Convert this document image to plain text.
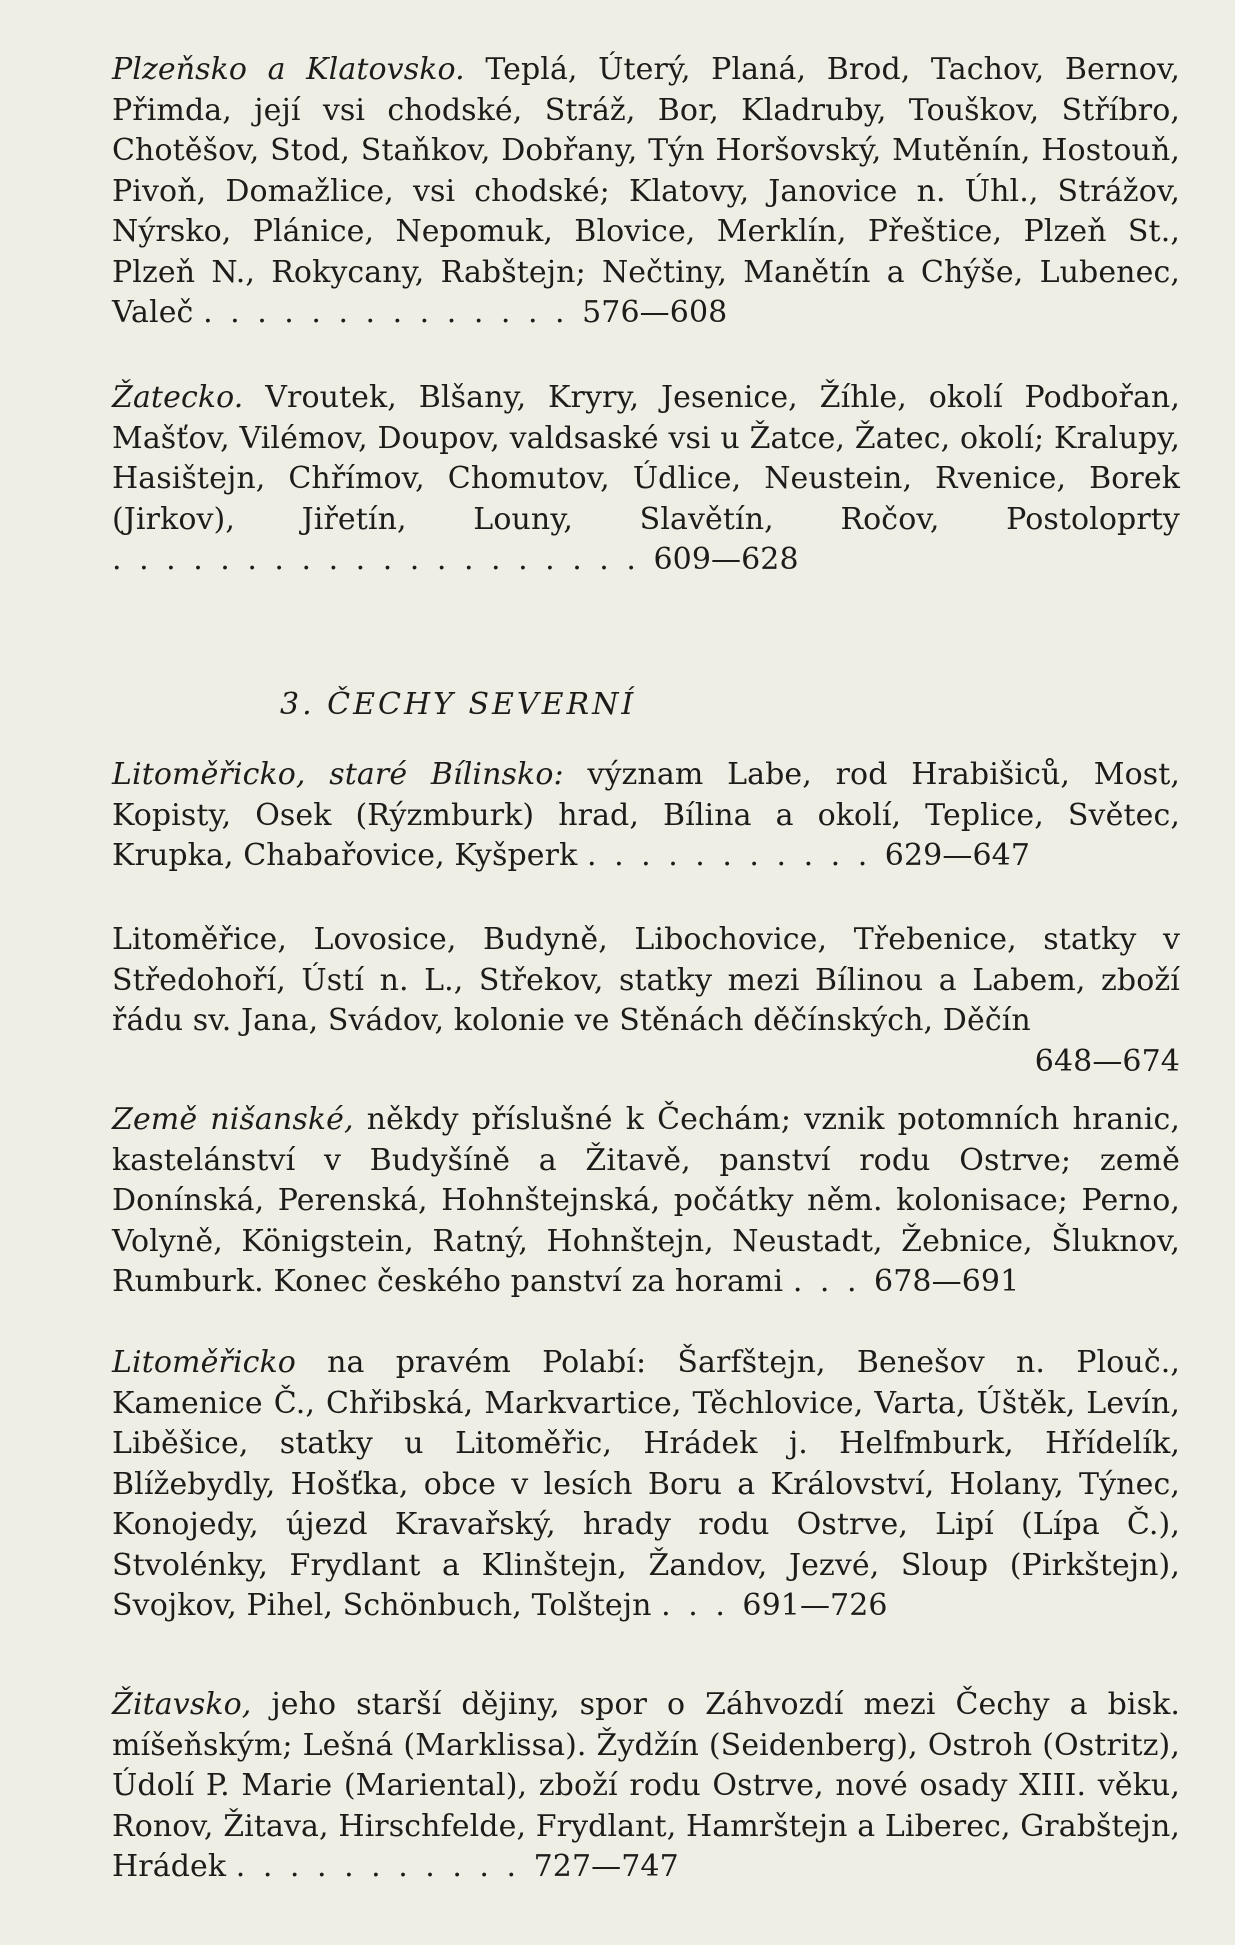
Plzeňsko a Klatovsko. Teplá, Úterý, Planá, Brod, Tachov, Bernov, Přimda, její vsi chodské, Stráž, Bor, Kladruby, Touškov, Stříbro, Chotěšov, Stod, Staňkov, Dobřany, Týn Horšovský, Mutěnín, Hostouň, Pivoň, Domažlice, vsi chodské; Klatovy, Janovice n. Úhl., Strážov, Nýrsko, Plánice, Nepomuk, Blovice, Merklín, Přeštice, Plzeň St., Plzeň N., Rokycany, Rabštejn; Nečtiny, Manětín a Chýše, Lubenec, Valeč . . . . . . . . . . . . . . 576—608
Žatecko. Vroutek, Blšany, Kryry, Jesenice, Žíhle, okolí Podbořan, Mašťov, Vilémov, Doupov, valdsaské vsi u Žatce, Žatec, okolí; Kralupy, Hasištejn, Chřímov, Chomutov, Údlice, Neustein, Rvenice, Borek (Jirkov), Jiřetín, Louny, Slavětín, Ročov, Postoloprty . . . . . . . . . . . . . . . . . . . . 609—628
3. ČECHY SEVERNÍ
Litoměřicko, staré Bílinsko: význam Labe, rod Hrabišiců, Most, Kopisty, Osek (Rýzmburk) hrad, Bílina a okolí, Teplice, Světec, Krupka, Chabařovice, Kyšperk . . . . . . . . . . . 629—647
Litoměřice, Lovosice, Budyně, Libochovice, Třebenice, statky v Středohoří, Ústí n. L., Střekov, statky mezi Bílinou a Labem, zboží řádu sv. Jana, Svádov, kolonie ve Stěnách děčínských, Děčín
648—674
Země nišanské, někdy příslušné k Čechám; vznik potomních hranic, kastelánství v Budyšíně a Žitavě, panství rodu Ostrve; země Donínská, Perenská, Hohnštejnská, počátky něm. kolonisace; Perno, Volyně, Königstein, Ratný, Hohnštejn, Neustadt, Žebnice, Šluknov, Rumburk. Konec českého panství za horami . . . 678—691
Litoměřicko na pravém Polabí: Šarfštejn, Benešov n. Plouč., Kamenice Č., Chřibská, Markvartice, Těchlovice, Varta, Úštěk, Levín, Liběšice, statky u Litoměřic, Hrádek j. Helfmburk, Hřídelík, Blížebydly, Hošťka, obce v lesích Boru a Království, Holany, Týnec, Konojedy, újezd Kravařský, hrady rodu Ostrve, Lipí (Lípa Č.), Stvolénky, Frydlant a Klinštejn, Žandov, Jezvé, Sloup (Pirkštejn), Svojkov, Pihel, Schönbuch, Tolštejn . . . 691—726
Žitavsko, jeho starší dějiny, spor o Záhvozdí mezi Čechy a bisk. míšeňským; Lešná (Marklissa). Žydžín (Seidenberg), Ostroh (Ostritz), Údolí P. Marie (Mariental), zboží rodu Ostrve, nové osady XIII. věku, Ronov, Žitava, Hirschfelde, Frydlant, Hamrštejn a Liberec, Grabštejn, Hrádek . . . . . . . . . . . 727—747
